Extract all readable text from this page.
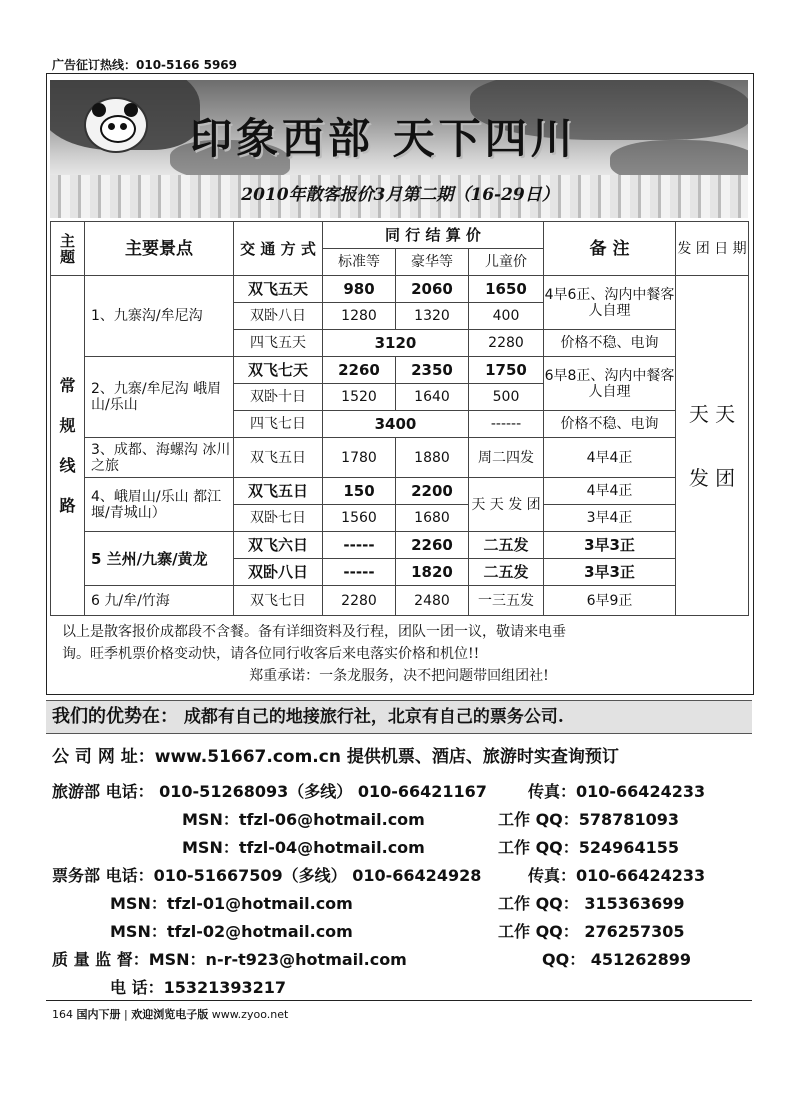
广告征订热线：010-5166 5969
印象西部 天下四川
2010年散客报价3月第二期（16-29日）
主 题	主要景点	交 通 方 式	同 行 结 算 价			备 注	发 团 日 期
			标准等	豪华等	儿童价		

常 规 线 路	1、九寨沟/牟尼沟	双飞五天	980	2060	1650	4早6正、沟内中餐客人自理	天 天 发 团

		双卧八日	1280	1320	400		
		四飞五天	3120		2280	价格不稳、电询	
	2、九寨/牟尼沟 峨眉山/乐山	双飞七天	2260	2350	1750	6早8正、沟内中餐客人自理	
		双卧十日	1520	1640	500		
		四飞七日	3400		------	价格不稳、电询	
	3、成都、海螺沟 冰川之旅	双飞五日	1780	1880	周二四发	4早4正	
	4、峨眉山/乐山 都江堰/青城山）	双飞五日	150	2200	天 天 发 团	4早4正	
		双卧七日	1560	1680		3早4正	
	5 兰州/九寨/黄龙	双飞六日	-----	2260	二五发	3早3正	
		双卧八日	-----	1820	二五发	3早3正	
	6 九/牟/竹海	双飞七日	2280	2480	一三五发	6早9正	

以上是散客报价成都段不含餐。备有详细资料及行程，团队一团一议，敬请来电垂

询。旺季机票价格变动快，请各位同行收客后来电落实价格和机位!!

郑重承诺：一条龙服务，决不把问题带回组团社!

我们的优势在： 成都有自己的地接旅行社，北京有自己的票务公司.
公 司 网 址：www.51667.com.cn 提供机票、酒店、旅游时实查询预订
旅游部 电话： 010-51268093（多线） 010-66421167	传真：010-66424233
MSN：tfzl-06@hotmail.com	工作 QQ：578781093
MSN：tfzl-04@hotmail.com	工作 QQ：524964155
票务部 电话：010-51667509（多线） 010-66424928	传真：010-66424233
MSN：tfzl-01@hotmail.com	工作 QQ： 315363699
MSN：tfzl-02@hotmail.com	工作 QQ： 276257305
质 量 监 督：MSN：n-r-t923@hotmail.com	QQ： 451262899
电 话：15321393217
164 国内下册 | 欢迎浏览电子版 www.zyoo.net
